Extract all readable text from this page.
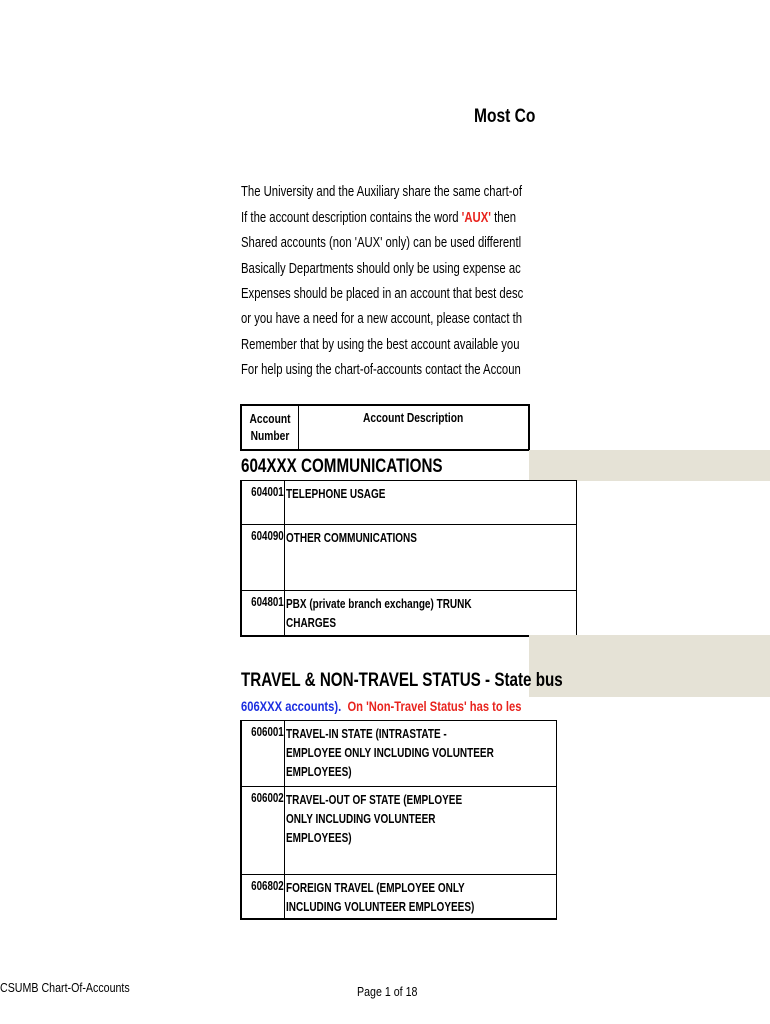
Most Co
The University and the Auxiliary share the same chart-of
If the account description contains the word 'AUX' then
Shared accounts (non 'AUX' only) can be used differentl
Basically Departments should only be using expense ac
Expenses should be placed in an account that best desc
or you have a need for a new account, please contact th
Remember that by using the best account available you
For help using the chart-of-accounts contact the Accoun
Account
Number	Account Description
604XXX COMMUNICATIONS
604001	TELEPHONE USAGE

604090	OTHER COMMUNICATIONS

604801	PBX (private branch exchange) TRUNK CHARGES
TRAVEL & NON-TRAVEL STATUS - State bus
606XXX accounts). On 'Non-Travel Status' has to les
606001	TRAVEL-IN STATE (INTRASTATE - EMPLOYEE ONLY INCLUDING VOLUNTEER EMPLOYEES)

606002	TRAVEL-OUT OF STATE (EMPLOYEE ONLY INCLUDING VOLUNTEER EMPLOYEES)

606802	FOREIGN TRAVEL (EMPLOYEE ONLY INCLUDING VOLUNTEER EMPLOYEES)
CSUMB Chart-Of-Accounts	Page 1 of 18
